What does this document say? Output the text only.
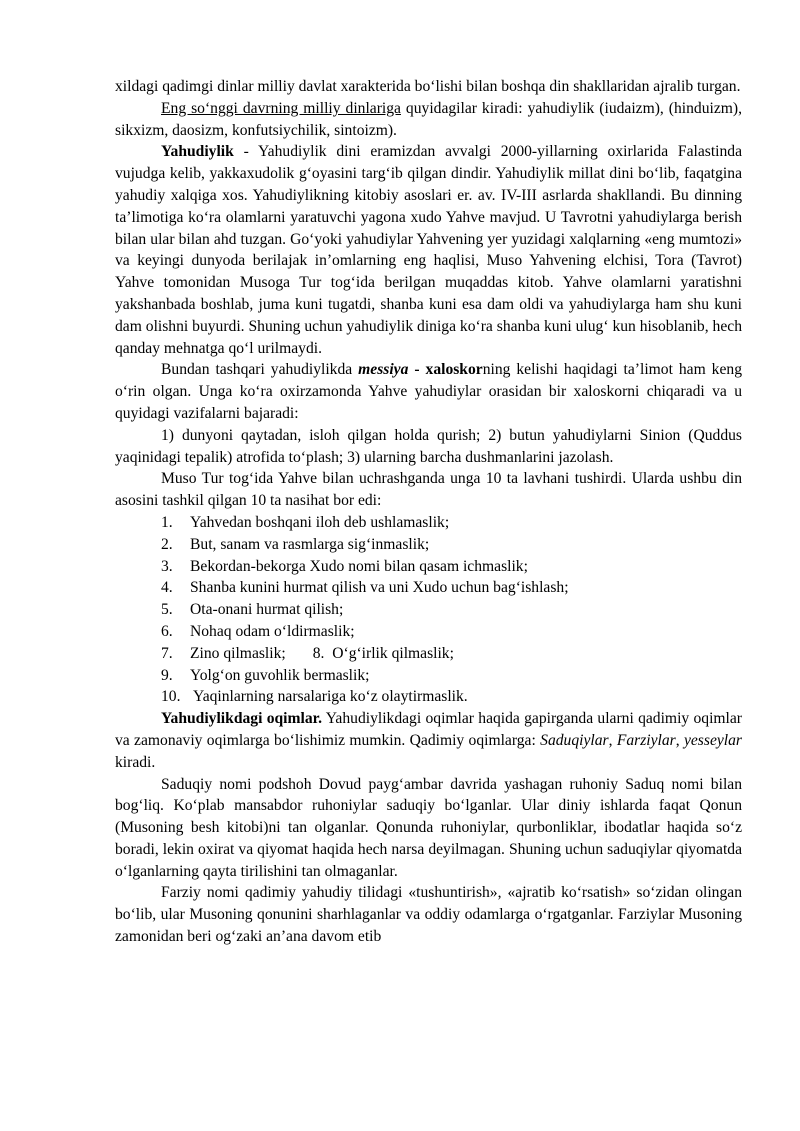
xildagi qadimgi dinlar milliy davlat xarakterida bo‘lishi bilan boshqa din shakllaridan ajralib turgan.

Eng so‘nggi davrning milliy dinlariga quyidagilar kiradi: yahudiylik (iudaizm), (hinduizm), sikxizm, daosizm, konfutsiychilik, sintoizm).

Yahudiylik - Yahudiylik dini eramizdan avvalgi 2000-yillarning oxirlarida Falastinda vujudga kelib, yakkaxudolik g‘oyasini targ‘ib qilgan dindir. Yahudiylik millat dini bo‘lib, faqatgina yahudiy xalqiga xos. Yahudiylikning kitobiy asoslari er. av. IV-III asrlarda shakllandi. Bu dinning ta’limotiga ko‘ra olamlarni yaratuvchi yagona xudo Yahve mavjud. U Tavrotni yahudiylarga berish bilan ular bilan ahd tuzgan. Go‘yoki yahudiylar Yahvening yer yuzidagi xalqlarning «eng mumtozi» va keyingi dunyoda berilajak in’omlarning eng haqlisi, Muso Yahvening elchisi, Tora (Tavrot) Yahve tomonidan Musoga Tur tog‘ida berilgan muqaddas kitob. Yahve olamlarni yaratishni yakshanbada boshlab, juma kuni tugatdi, shanba kuni esa dam oldi va yahudiylarga ham shu kuni dam olishni buyurdi. Shuning uchun yahudiylik diniga ko‘ra shanba kuni ulug‘ kun hisoblanib, hech qanday mehnatga qo‘l urilmaydi.

Bundan tashqari yahudiylikda messiya - xaloskorning kelishi haqidagi ta’limot ham keng o‘rin olgan. Unga ko‘ra oxirzamonda Yahve yahudiylar orasidan bir xaloskorni chiqaradi va u quyidagi vazifalarni bajaradi:

1) dunyoni qaytadan, isloh qilgan holda qurish; 2) butun yahudiylarni Sinion (Quddus yaqinidagi tepalik) atrofida to‘plash; 3) ularning barcha dushmanlarini jazolash.

Muso Tur tog‘ida Yahve bilan uchrashganda unga 10 ta lavhani tushirdi. Ularda ushbu din asosini tashkil qilgan 10 ta nasihat bor edi:

1. Yahvedan boshqani iloh deb ushlamaslik;
2. But, sanam va rasmlarga sig‘inmaslik;
3. Bekordan-bekorga Xudo nomi bilan qasam ichmaslik;
4. Shanba kunini hurmat qilish va uni Xudo uchun bag‘ishlash;
5. Ota-onani hurmat qilish;
6. Nohaq odam o‘ldirmaslik;
7. Zino qilmaslik; 8. O‘g‘irlik qilmaslik;
9. Yolg‘on guvohlik bermaslik;
10. Yaqinlarning narsalariga ko‘z olaytirmaslik.

Yahudiylikdagi oqimlar. Yahudiylikdagi oqimlar haqida gapirganda ularni qadimiy oqimlar va zamonaviy oqimlarga bo‘lishimiz mumkin. Qadimiy oqimlarga: Saduqiylar, Farziylar, yesseylar kiradi.

Saduqiy nomi podshoh Dovud payg‘ambar davrida yashagan ruhoniy Saduq nomi bilan bog‘liq. Ko‘plab mansabdor ruhoniylar saduqiy bo‘lganlar. Ular diniy ishlarda faqat Qonun (Musoning besh kitobi)ni tan olganlar. Qonunda ruhoniylar, qurbonliklar, ibodatlar haqida so‘z boradi, lekin oxirat va qiyomat haqida hech narsa deyilmagan. Shuning uchun saduqiylar qiyomatda o‘lganlarning qayta tirilishini tan olmaganlar.

Farziy nomi qadimiy yahudiy tilidagi «tushuntirish», «ajratib ko‘rsatish» so‘zidan olingan bo‘lib, ular Musoning qonunini sharhlaganlar va oddiy odamlarga o‘rgatganlar. Farziylar Musoning zamonidan beri og‘zaki an’ana davom etib
